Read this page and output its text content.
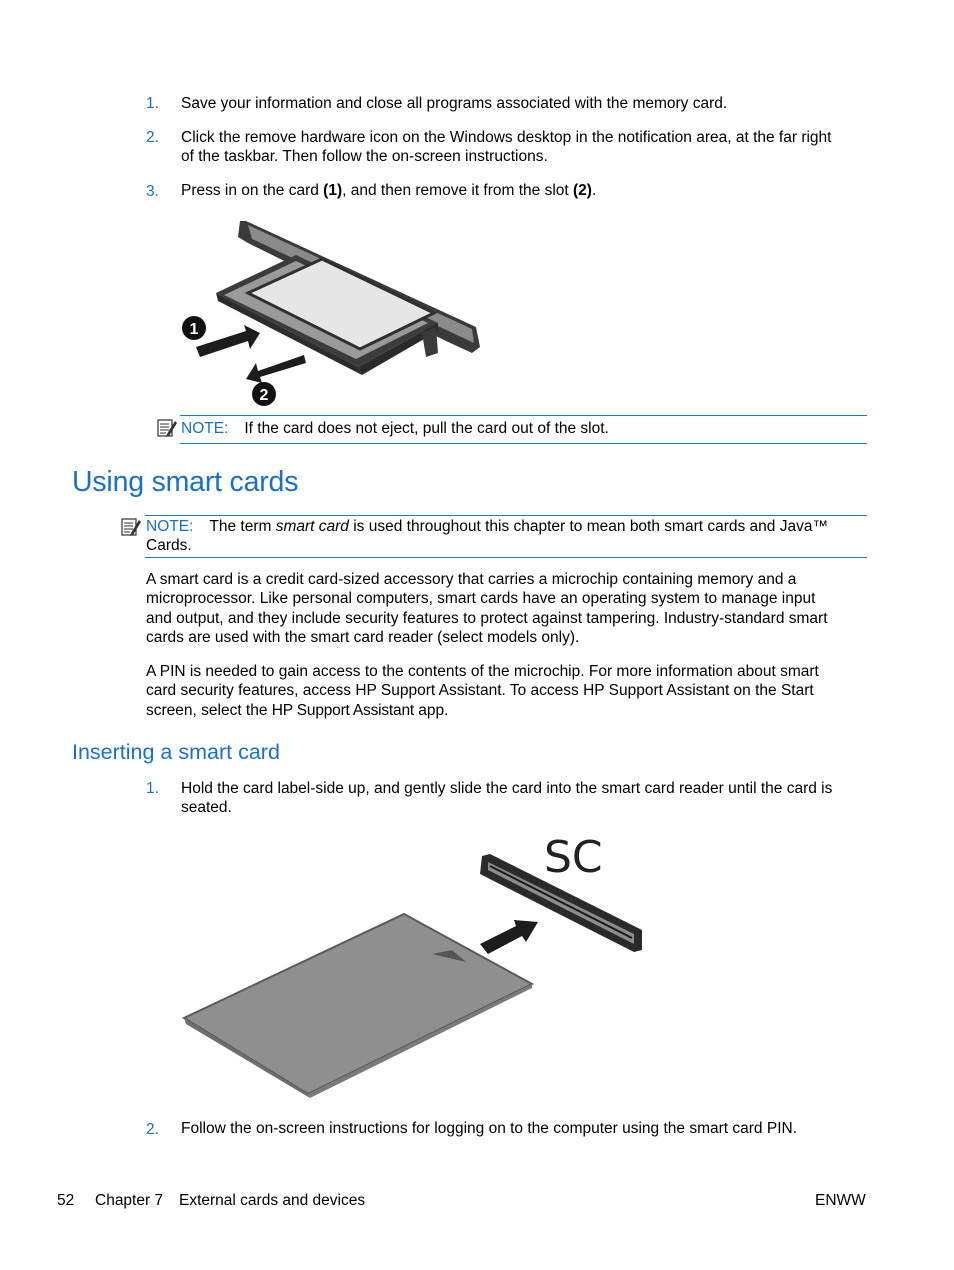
1. Save your information and close all programs associated with the memory card.
2. Click the remove hardware icon on the Windows desktop in the notification area, at the far right
of the taskbar. Then follow the on-screen instructions.
3. Press in on the card (1), and then remove it from the slot (2).
1
2
NOTE: If the card does not eject, pull the card out of the slot.
Using smart cards
NOTE: The term smart card is used throughout this chapter to mean both smart cards and Java™
Cards.
A smart card is a credit card-sized accessory that carries a microchip containing memory and a
microprocessor. Like personal computers, smart cards have an operating system to manage input
and output, and they include security features to protect against tampering. Industry-standard smart
cards are used with the smart card reader (select models only).
A PIN is needed to gain access to the contents of the microchip. For more information about smart
card security features, access HP Support Assistant. To access HP Support Assistant on the Start
screen, select the HP Support Assistant app.
Inserting a smart card
1. Hold the card label-side up, and gently slide the card into the smart card reader until the card is
seated.
SC
2. Follow the on-screen instructions for logging on to the computer using the smart card PIN.
52 Chapter 7 External cards and devices	ENWW
